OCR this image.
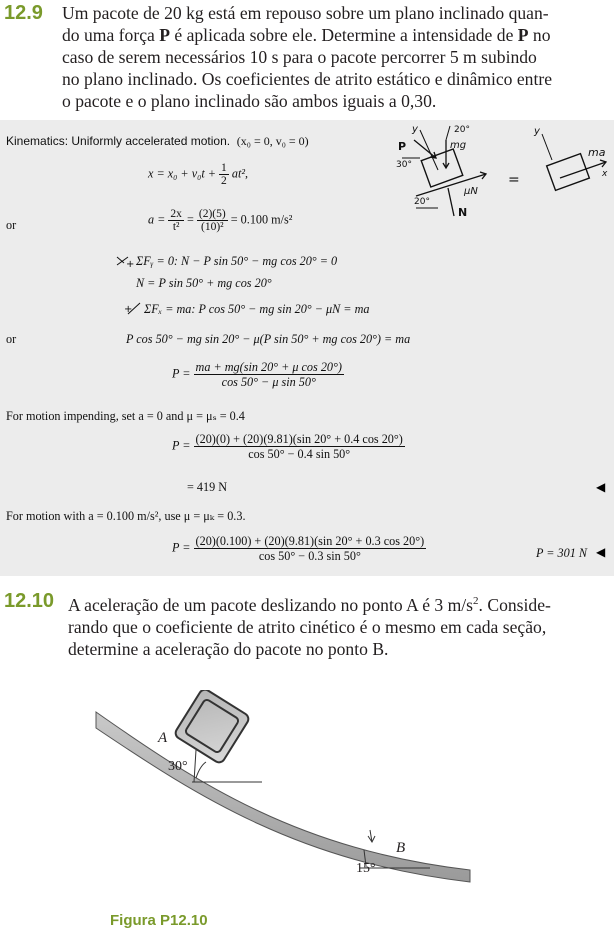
12.9 Um pacote de 20 kg está em repouso sobre um plano inclinado quan-
do uma força P é aplicada sobre ele. Determine a intensidade de P no
caso de serem necessários 10 s para o pacote percorrer 5 m subindo
no plano inclinado. Os coeficientes de atrito estático e dinâmico entre
o pacote e o plano inclinado são ambos iguais a 0,30.
Kinematics: Uniformly accelerated motion. (x₀ = 0, v₀ = 0)
$x = x_0 + v_0t + \frac{1}{2} at^2$,
or	$a = \frac{2x}{\text{t²}} = \frac{(2)(5)}{\text{(10)²}} = 0.100$ m/s²
+ ΣFᵧ = 0: N − P sin 50° − mg cos 20° = 0
N = P sin 50° + mg cos 20°
+ ΣFₓ = ma: P cos 50° − mg sin 20° − μN = ma
or	P cos 50° − mg sin 20° − μ(P sin 50° + mg cos 20°) = ma
$P = \frac{\text{ma + mg(sin 20° + μ cos 20°)}}{\text{cos 50° − μ sin 50°}}$
For motion impending, set a = 0 and μ = μₛ = 0.4
$P = \frac{(20)(0) + (20)(9.81)(\sin 20^\circ + 0.4 \cos 20^\circ)}{\cos 50^\circ - 0.4 \sin 50^\circ}$
= 419 N	◀
For motion with a = 0.100 m/s², use μ = μₖ = 0.3.
$P = \frac{(20)(0.100) + (20)(9.81)(\sin 20^\circ + 0.3 \cos 20^\circ)}{\cos 50^\circ - 0.3 \sin 50^\circ}$	P = 301 N ◀
y
P
20°
mg
30°
μN
20°
N
=
y
ma
x
12.10 A aceleração de um pacote deslizando no ponto A é 3 $m/s^2$. Conside-
rando que o coeficiente de atrito cinético é o mesmo em cada seção,
determine a aceleração do pacote no ponto B.
A
30°
B
15°
Figura P12.10
